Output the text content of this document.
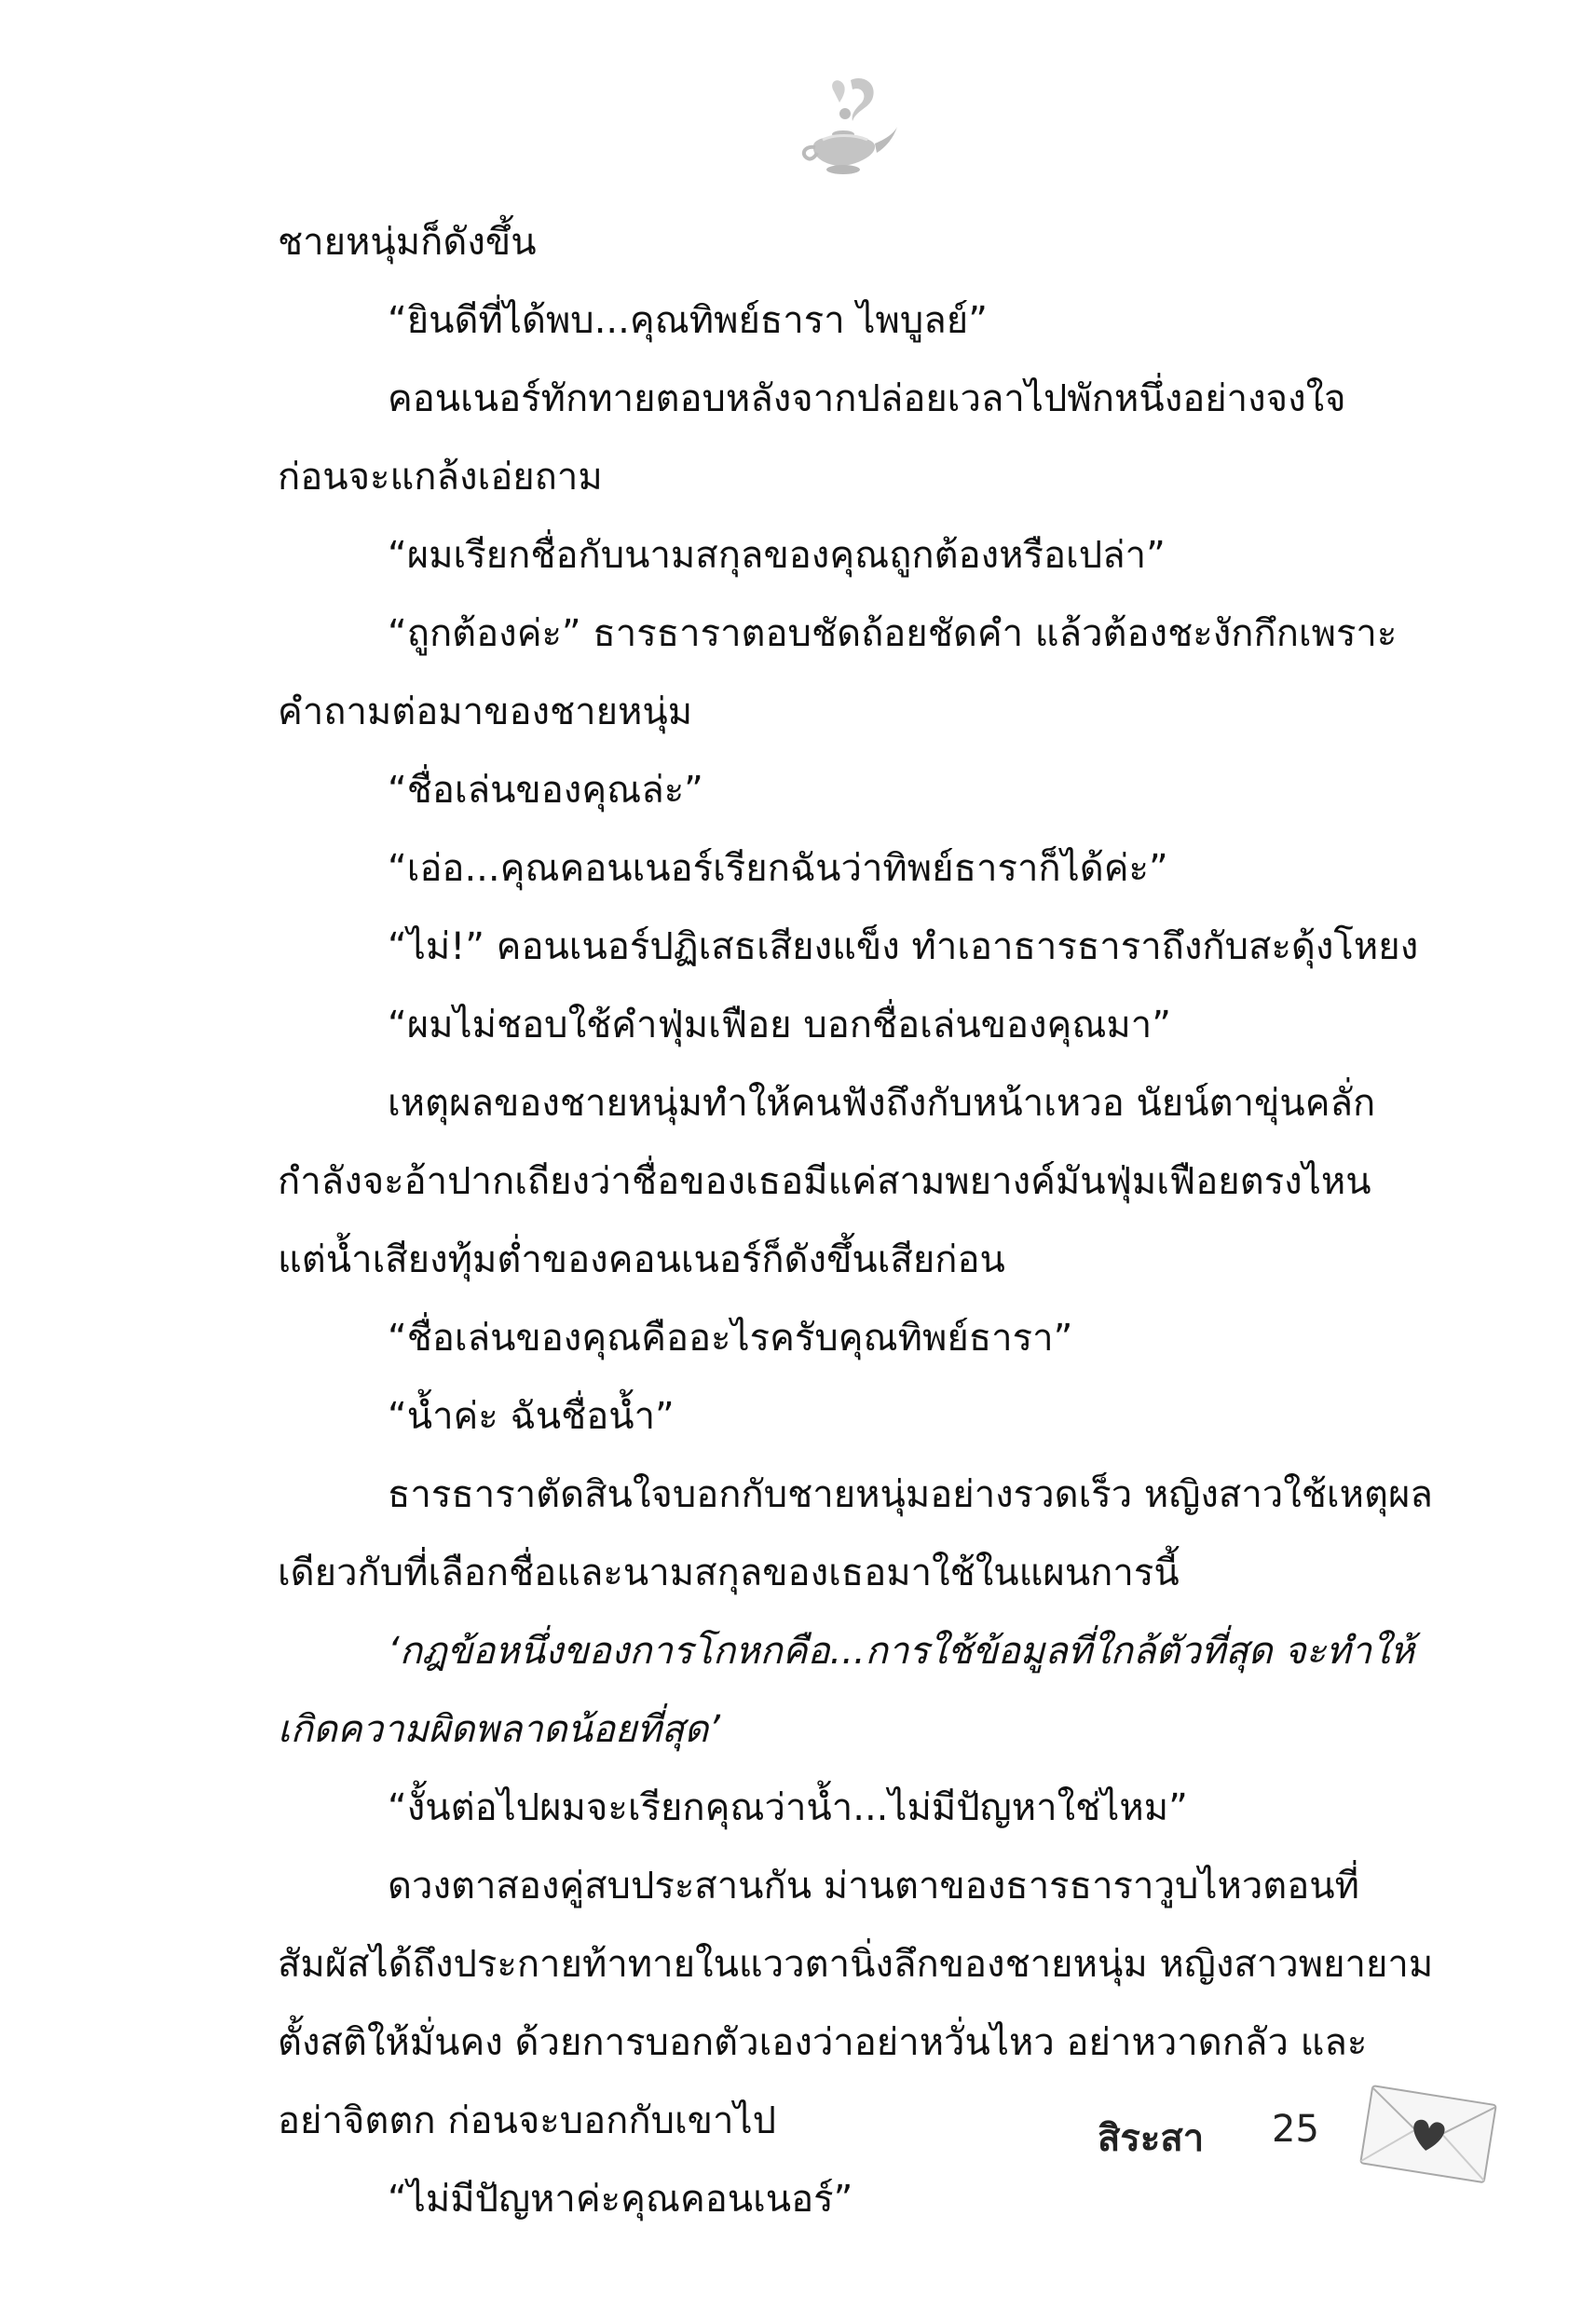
ชายหนุ่มก็ดังขึ้น
“ยินดีที่ได้พบ...คุณทิพย์ธารา ไพบูลย์”
คอนเนอร์ทักทายตอบหลังจากปล่อยเวลาไปพักหนึ่งอย่างจงใจ
ก่อนจะแกล้งเอ่ยถาม
“ผมเรียกชื่อกับนามสกุลของคุณถูกต้องหรือเปล่า”
“ถูกต้องค่ะ” ธารธาราตอบชัดถ้อยชัดคำ แล้วต้องชะงักกึกเพราะ
คำถามต่อมาของชายหนุ่ม
“ชื่อเล่นของคุณล่ะ”
“เอ่อ...คุณคอนเนอร์เรียกฉันว่าทิพย์ธาราก็ได้ค่ะ”
“ไม่!” คอนเนอร์ปฏิเสธเสียงแข็ง ทำเอาธารธาราถึงกับสะดุ้งโหยง
“ผมไม่ชอบใช้คำฟุ่มเฟือย บอกชื่อเล่นของคุณมา”
เหตุผลของชายหนุ่มทำให้คนฟังถึงกับหน้าเหวอ นัยน์ตาขุ่นคลั่ก
กำลังจะอ้าปากเถียงว่าชื่อของเธอมีแค่สามพยางค์มันฟุ่มเฟือยตรงไหน
แต่น้ำเสียงทุ้มต่ำของคอนเนอร์ก็ดังขึ้นเสียก่อน
“ชื่อเล่นของคุณคืออะไรครับคุณทิพย์ธารา”
“น้ำค่ะ ฉันชื่อน้ำ”
ธารธาราตัดสินใจบอกกับชายหนุ่มอย่างรวดเร็ว หญิงสาวใช้เหตุผล
เดียวกับที่เลือกชื่อและนามสกุลของเธอมาใช้ในแผนการนี้
‘กฎข้อหนึ่งของการโกหกคือ...การใช้ข้อมูลที่ใกล้ตัวที่สุด จะทำให้
เกิดความผิดพลาดน้อยที่สุด’
“งั้นต่อไปผมจะเรียกคุณว่าน้ำ...ไม่มีปัญหาใช่ไหม”
ดวงตาสองคู่สบประสานกัน ม่านตาของธารธาราวูบไหวตอนที่
สัมผัสได้ถึงประกายท้าทายในแววตานิ่งลึกของชายหนุ่ม หญิงสาวพยายาม
ตั้งสติให้มั่นคง ด้วยการบอกตัวเองว่าอย่าหวั่นไหว อย่าหวาดกลัว และ
อย่าจิตตก ก่อนจะบอกกับเขาไป
“ไม่มีปัญหาค่ะคุณคอนเนอร์”
สิระสา 25
